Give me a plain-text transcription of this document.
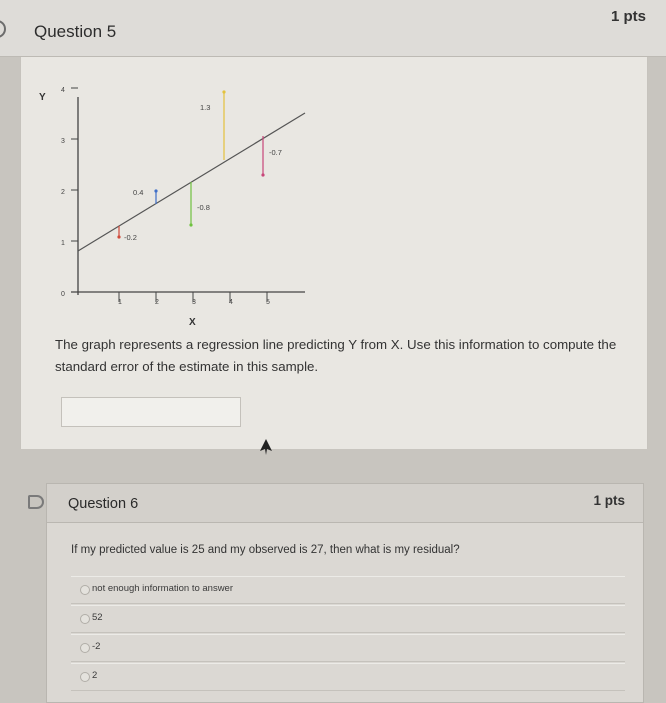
Question 5
1 pts
4
3
2
1
0
Y
1	2	3	4	5
X
-0.2
0.4
-0.8
1.3
-0.7
The graph represents a regression line predicting Y from X. Use this information to compute the standard error of the estimate in this sample.
Question 6	1 pts
If my predicted value is 25 and my observed is 27, then what is my residual?
not enough information to answer
52
-2
2
